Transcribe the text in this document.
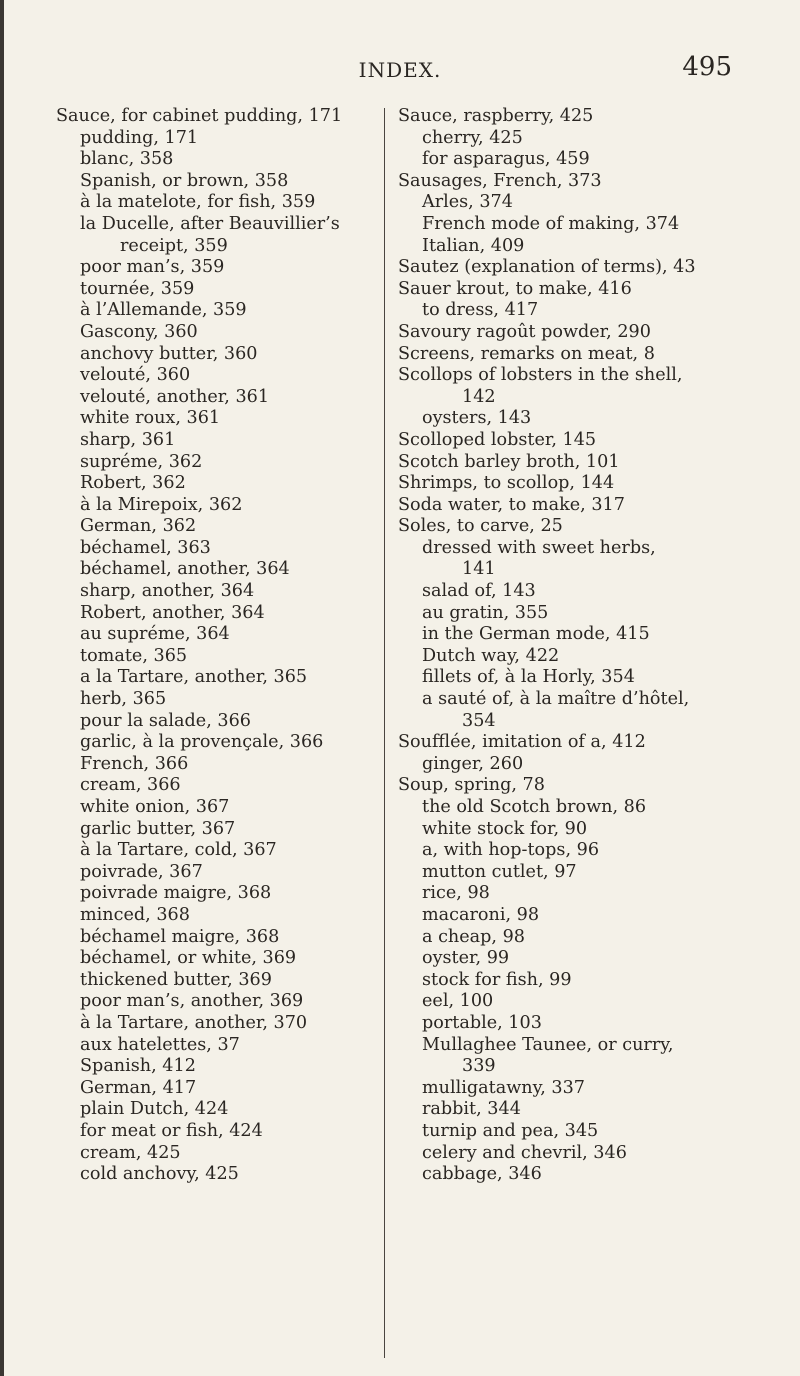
INDEX.	495
Sauce, for cabinet pudding, 171
pudding, 171
blanc, 358
Spanish, or brown, 358
à la matelote, for fish, 359
la Ducelle, after Beauvillier’s
receipt, 359
poor man’s, 359
tournée, 359
à l’Allemande, 359
Gascony, 360
anchovy butter, 360
velouté, 360
velouté, another, 361
white roux, 361
sharp, 361
supréme, 362
Robert, 362
à la Mirepoix, 362
German, 362
béchamel, 363
béchamel, another, 364
sharp, another, 364
Robert, another, 364
au supréme, 364
tomate, 365
a la Tartare, another, 365
herb, 365
pour la salade, 366
garlic, à la provençale, 366
French, 366
cream, 366
white onion, 367
garlic butter, 367
à la Tartare, cold, 367
poivrade, 367
poivrade maigre, 368
minced, 368
béchamel maigre, 368
béchamel, or white, 369
thickened butter, 369
poor man’s, another, 369
à la Tartare, another, 370
aux hatelettes, 37
Spanish, 412
German, 417
plain Dutch, 424
for meat or fish, 424
cream, 425
cold anchovy, 425
Sauce, raspberry, 425
cherry, 425
for asparagus, 459
Sausages, French, 373
Arles, 374
French mode of making, 374
Italian, 409
Sautez (explanation of terms), 43
Sauer krout, to make, 416
to dress, 417
Savoury ragoût powder, 290
Screens, remarks on meat, 8
Scollops of lobsters in the shell,
142
oysters, 143
Scolloped lobster, 145
Scotch barley broth, 101
Shrimps, to scollop, 144
Soda water, to make, 317
Soles, to carve, 25
dressed with sweet herbs,
141
salad of, 143
au gratin, 355
in the German mode, 415
Dutch way, 422
fillets of, à la Horly, 354
a sauté of, à la maître d’hôtel,
354
Soufflée, imitation of a, 412
ginger, 260
Soup, spring, 78
the old Scotch brown, 86
white stock for, 90
a, with hop-tops, 96
mutton cutlet, 97
rice, 98
macaroni, 98
a cheap, 98
oyster, 99
stock for fish, 99
eel, 100
portable, 103
Mullaghee Taunee, or curry,
339
mulligatawny, 337
rabbit, 344
turnip and pea, 345
celery and chevril, 346
cabbage, 346
